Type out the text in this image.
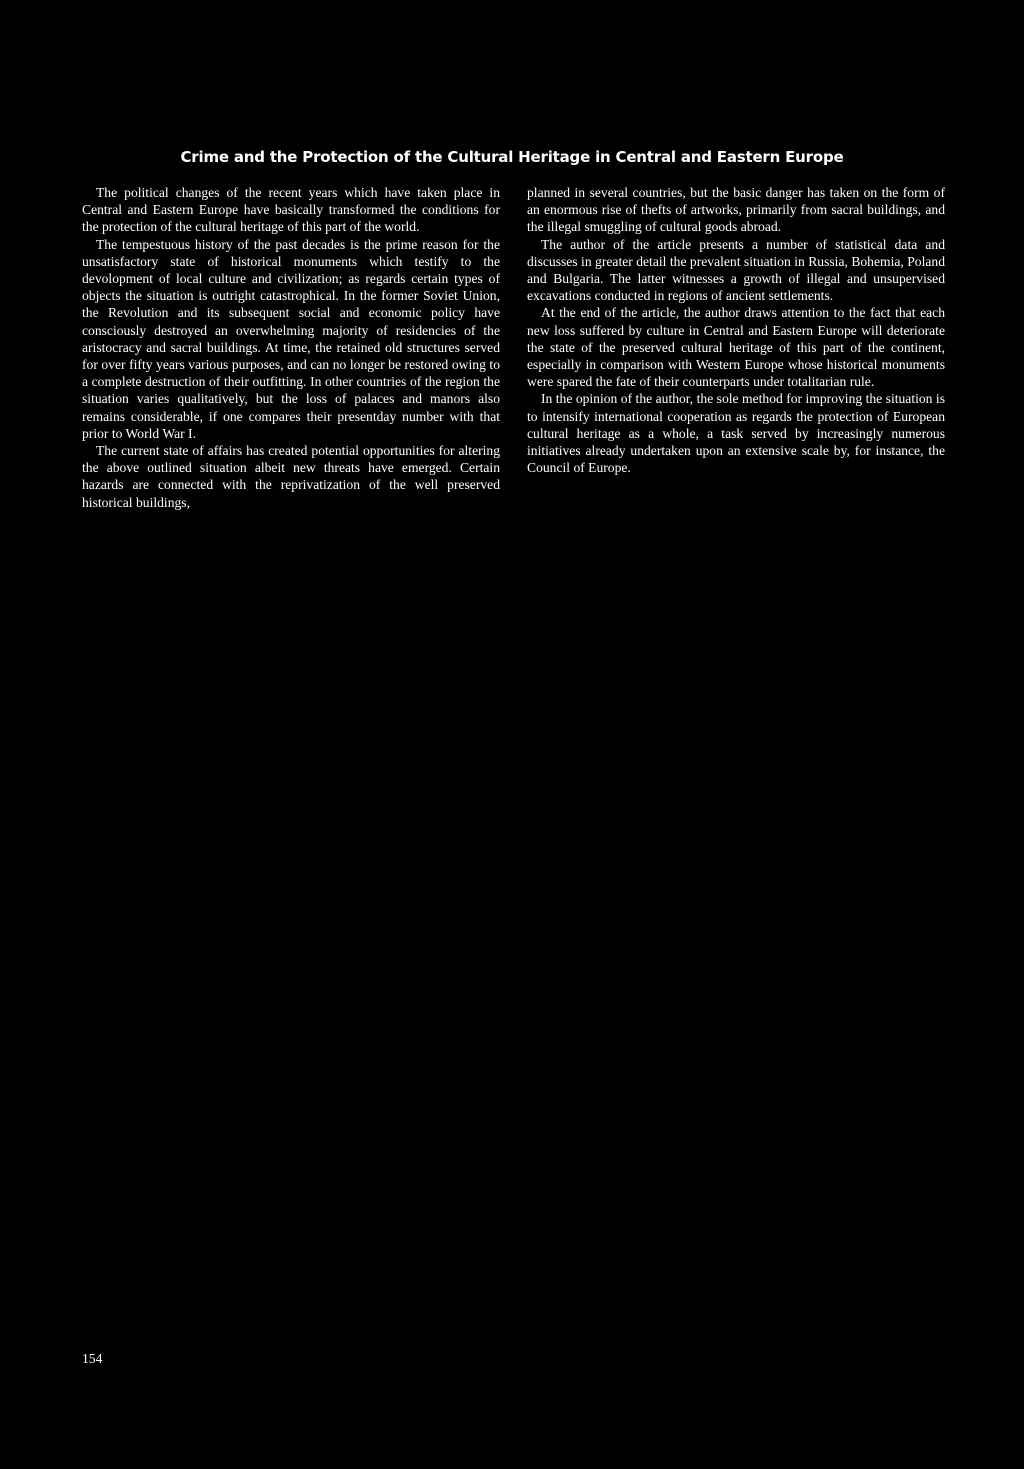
Crime and the Protection of the Cultural Heritage in Central and Eastern Europe

The political changes of the recent years which have taken place in Central and Eastern Europe have basically transformed the conditions for the protection of the cultural heritage of this part of the world.

The tempestuous history of the past decades is the prime reason for the unsatisfactory state of historical monuments which testify to the devolopment of local culture and civilization; as regards certain types of objects the situation is outright catastrophical. In the former Soviet Union, the Revolution and its subsequent social and economic policy have consciously destroyed an overwhelming majority of residencies of the aristocracy and sacral buildings. At time, the retained old structures served for over fifty years various purposes, and can no longer be restored owing to a complete destruction of their outfitting. In other countries of the region the situation varies qualitatively, but the loss of palaces and manors also remains considerable, if one compares their presentday number with that prior to World War I.

The current state of affairs has created potential opportunities for altering the above outlined situation albeit new threats have emerged. Certain hazards are connected with the reprivatization of the well preserved historical buildings,

planned in several countries, but the basic danger has taken on the form of an enormous rise of thefts of artworks, primarily from sacral buildings, and the illegal smuggling of cultural goods abroad.

The author of the article presents a number of statistical data and discusses in greater detail the prevalent situation in Russia, Bohemia, Poland and Bulgaria. The latter witnesses a growth of illegal and unsupervised excavations conducted in regions of ancient settlements.

At the end of the article, the author draws attention to the fact that each new loss suffered by culture in Central and Eastern Europe will deteriorate the state of the preserved cultural heritage of this part of the continent, especially in comparison with Western Europe whose historical monuments were spared the fate of their counterparts under totalitarian rule.

In the opinion of the author, the sole method for improving the situation is to intensify international cooperation as regards the protection of European cultural heritage as a whole, a task served by increasingly numerous initiatives already undertaken upon an extensive scale by, for instance, the Council of Europe.

154
